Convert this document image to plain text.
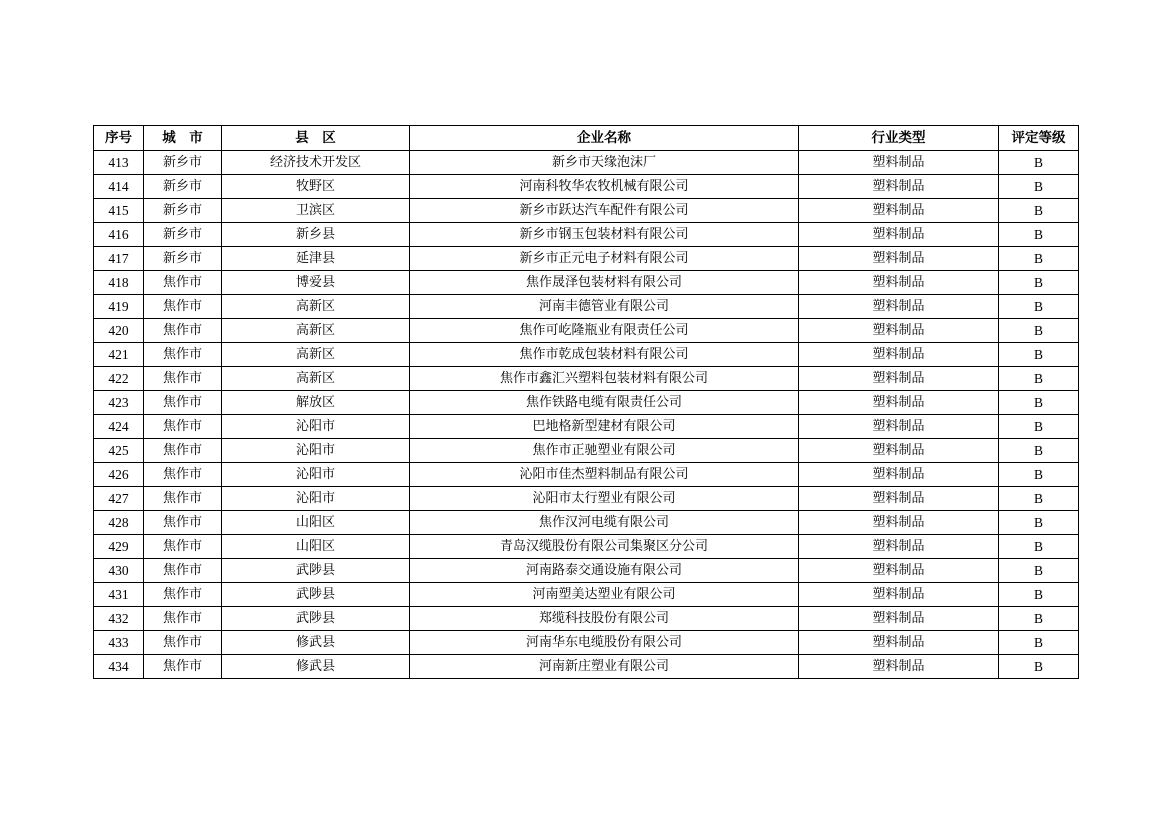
序号	城　市	县　区	企业名称	行业类型	评定等级
413	新乡市	经济技术开发区	新乡市天缘泡沫厂	塑料制品	B
414	新乡市	牧野区	河南科牧华农牧机械有限公司	塑料制品	B
415	新乡市	卫滨区	新乡市跃达汽车配件有限公司	塑料制品	B
416	新乡市	新乡县	新乡市钢玉包装材料有限公司	塑料制品	B
417	新乡市	延津县	新乡市正元电子材料有限公司	塑料制品	B
418	焦作市	博爱县	焦作晟泽包装材料有限公司	塑料制品	B
419	焦作市	高新区	河南丰德管业有限公司	塑料制品	B
420	焦作市	高新区	焦作可屹隆瓶业有限责任公司	塑料制品	B
421	焦作市	高新区	焦作市乾成包装材料有限公司	塑料制品	B
422	焦作市	高新区	焦作市鑫汇兴塑料包装材料有限公司	塑料制品	B
423	焦作市	解放区	焦作铁路电缆有限责任公司	塑料制品	B
424	焦作市	沁阳市	巴地格新型建材有限公司	塑料制品	B
425	焦作市	沁阳市	焦作市正驰塑业有限公司	塑料制品	B
426	焦作市	沁阳市	沁阳市佳杰塑料制品有限公司	塑料制品	B
427	焦作市	沁阳市	沁阳市太行塑业有限公司	塑料制品	B
428	焦作市	山阳区	焦作汉河电缆有限公司	塑料制品	B
429	焦作市	山阳区	青岛汉缆股份有限公司集聚区分公司	塑料制品	B
430	焦作市	武陟县	河南路泰交通设施有限公司	塑料制品	B
431	焦作市	武陟县	河南塑美达塑业有限公司	塑料制品	B
432	焦作市	武陟县	郑缆科技股份有限公司	塑料制品	B
433	焦作市	修武县	河南华东电缆股份有限公司	塑料制品	B
434	焦作市	修武县	河南新庄塑业有限公司	塑料制品	B
